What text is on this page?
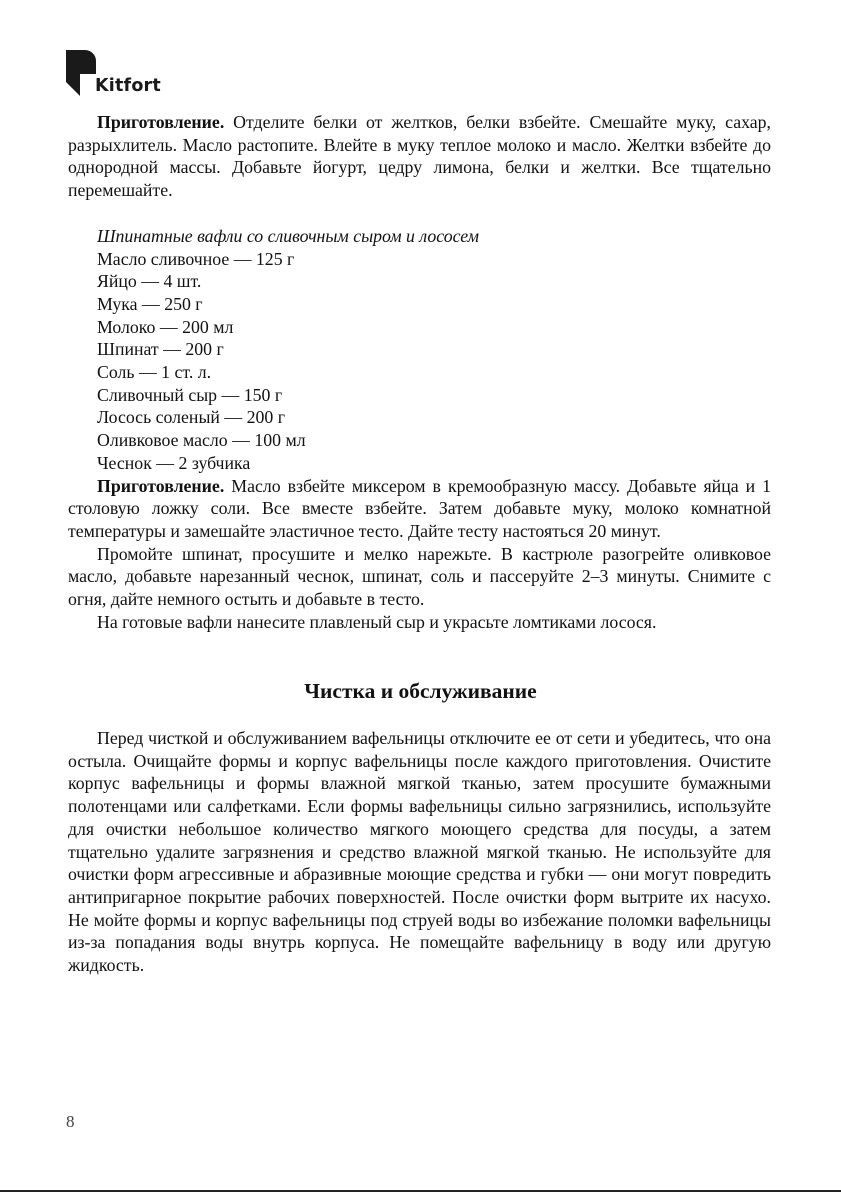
Kitfort

Приготовление. Отделите белки от желтков, белки взбейте. Смешайте муку, сахар, разрыхлитель. Масло растопите. Влейте в муку теплое молоко и масло. Желтки взбейте до однородной массы. Добавьте йогурт, цедру лимона, белки и желтки. Все тщательно перемешайте.

Шпинатные вафли со сливочным сыром и лососем
Масло сливочное — 125 г
Яйцо — 4 шт.
Мука — 250 г
Молоко — 200 мл
Шпинат — 200 г
Соль — 1 ст. л.
Сливочный сыр — 150 г
Лосось соленый — 200 г
Оливковое масло — 100 мл
Чеснок — 2 зубчика

Приготовление. Масло взбейте миксером в кремообразную массу. Добавьте яйца и 1 столовую ложку соли. Все вместе взбейте. Затем добавьте муку, молоко комнатной температуры и замешайте эластичное тесто. Дайте тесту настояться 20 минут.

Промойте шпинат, просушите и мелко нарежьте. В кастрюле разогрейте оливковое масло, добавьте нарезанный чеснок, шпинат, соль и пассеруйте 2–3 минуты. Снимите с огня, дайте немного остыть и добавьте в тесто.

На готовые вафли нанесите плавленый сыр и украсьте ломтиками лосося.

Чистка и обслуживание

Перед чисткой и обслуживанием вафельницы отключите ее от сети и убедитесь, что она остыла. Очищайте формы и корпус вафельницы после каждого приготовления. Очистите корпус вафельницы и формы влажной мягкой тканью, затем просушите бумажными полотенцами или салфетками. Если формы вафельницы сильно загрязнились, используйте для очистки небольшое количество мягкого моющего средства для посуды, а затем тщательно удалите загрязнения и средство влажной мягкой тканью. Не используйте для очистки форм агрессивные и абразивные моющие средства и губки — они могут повредить антипригарное покрытие рабочих поверхностей. После очистки форм вытрите их насухо. Не мойте формы и корпус вафельницы под струей воды во избежание поломки вафельницы из-за попадания воды внутрь корпуса. Не помещайте вафельницу в воду или другую жидкость.

8
